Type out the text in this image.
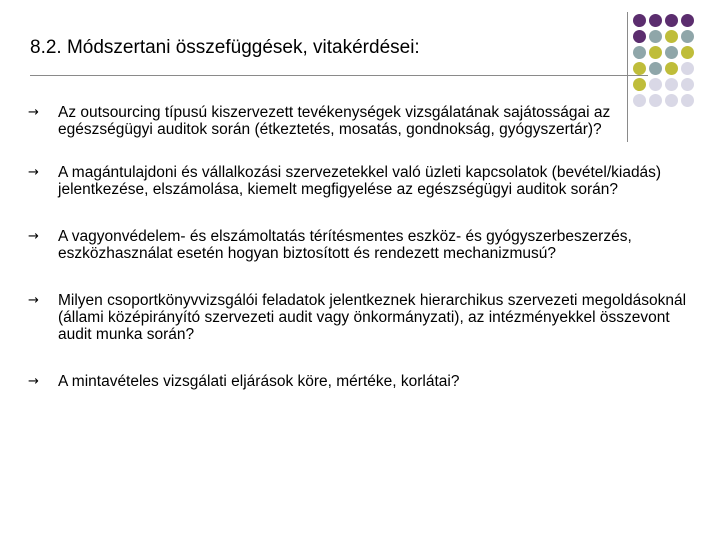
8.2. Módszertani összefüggések, vitakérdései:
→ Az outsourcing típusú kiszervezett tevékenységek vizsgálatának sajátosságai az egészségügyi auditok során (étkeztetés, mosatás, gondnokság, gyógyszertár)?
→ A magántulajdoni és vállalkozási szervezetekkel való üzleti kapcsolatok (bevétel/kiadás) jelentkezése, elszámolása, kiemelt megfigyelése az egészségügyi auditok során?
→ A vagyonvédelem- és elszámoltatás térítésmentes eszköz- és gyógyszerbeszerzés, eszközhasználat esetén hogyan biztosított és rendezett mechanizmusú?
→ Milyen csoportkönyvvizsgálói feladatok jelentkeznek hierarchikus szervezeti megoldásoknál (állami középirányító szervezeti audit vagy önkormányzati), az intézményekkel összevont audit munka során?
→ A mintavételes vizsgálati eljárások köre, mértéke, korlátai?
